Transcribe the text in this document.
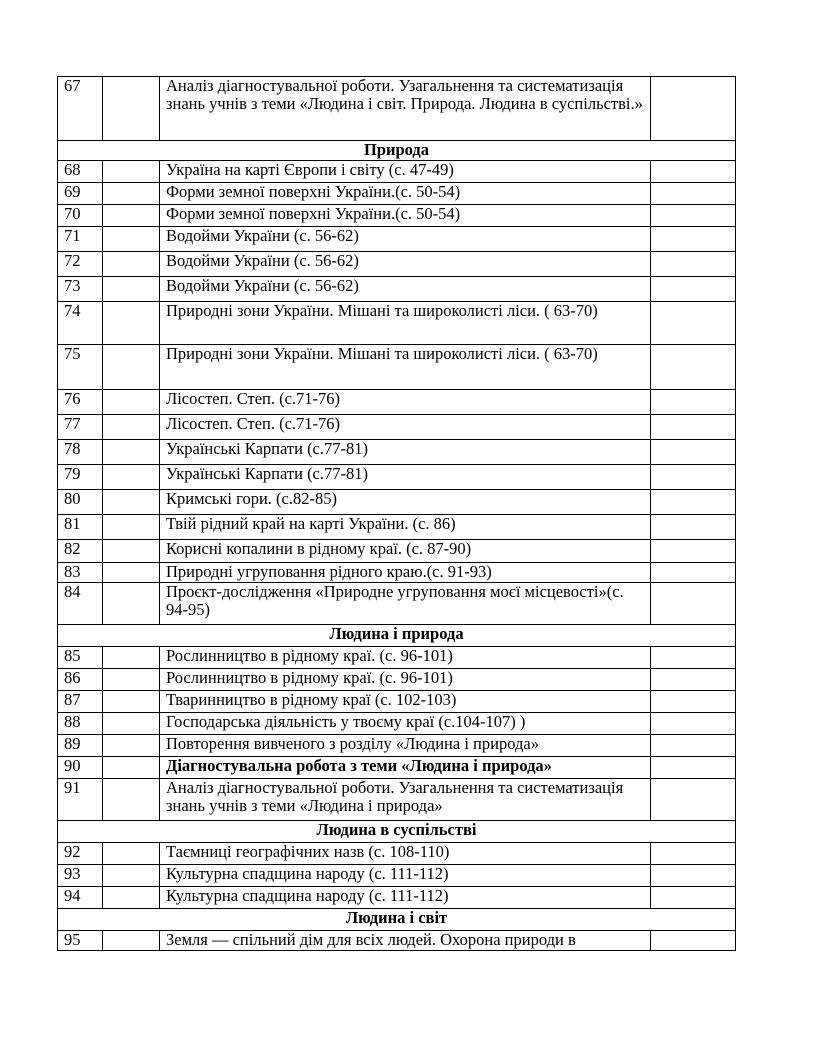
67		Аналіз діагностувальної роботи. Узагальнення та систематизація знань учнів з теми «Людина і світ. Природа. Людина в суспільстві.»	
Природа			
68		Україна на карті Європи і світу (с. 47-49)	
69		Форми земної поверхні України.(с. 50-54)	
70		Форми земної поверхні України.(с. 50-54)	
71		Водойми України (с. 56-62)	
72		Водойми України (с. 56-62)	
73		Водойми України (с. 56-62)	
74		Природні зони України. Мішані та широколисті ліси. ( 63-70)	
75		Природні зони України. Мішані та широколисті ліси. ( 63-70)	
76		Лісостеп. Степ. (с.71-76)	
77		Лісостеп. Степ. (с.71-76)	
78		Українські Карпати (с.77-81)	
79		Українські Карпати (с.77-81)	
80		Кримські гори. (с.82-85)	
81		Твій рідний край на карті України. (с. 86)	
82		Корисні копалини в рідному краї. (с. 87-90)	
83		Природні угруповання рідного краю.(с. 91-93)	
84		Проєкт-дослідження «Природне угруповання моєї місцевості»(с. 94-95)	
Людина і природа			
85		Рослинництво в рідному краї. (с. 96-101)	
86		Рослинництво в рідному краї. (с. 96-101)	
87		Тваринництво в рідному краї (с. 102-103)	
88		Господарська діяльність у твоєму краї (с.104-107) )	
89		Повторення вивченого з розділу «Людина і природа»	
90		Діагностувальна робота з теми «Людина і природа»	
91		Аналіз діагностувальної роботи. Узагальнення та систематизація знань учнів з теми «Людина і природа»	
Людина в суспільстві			
92		Таємниці географічних назв (с. 108-110)	
93		Культурна спадщина народу (с. 111-112)	
94		Культурна спадщина народу (с. 111-112)	
Людина і світ			
95		Земля — спільний дім для всіх людей. Охорона природи в	
